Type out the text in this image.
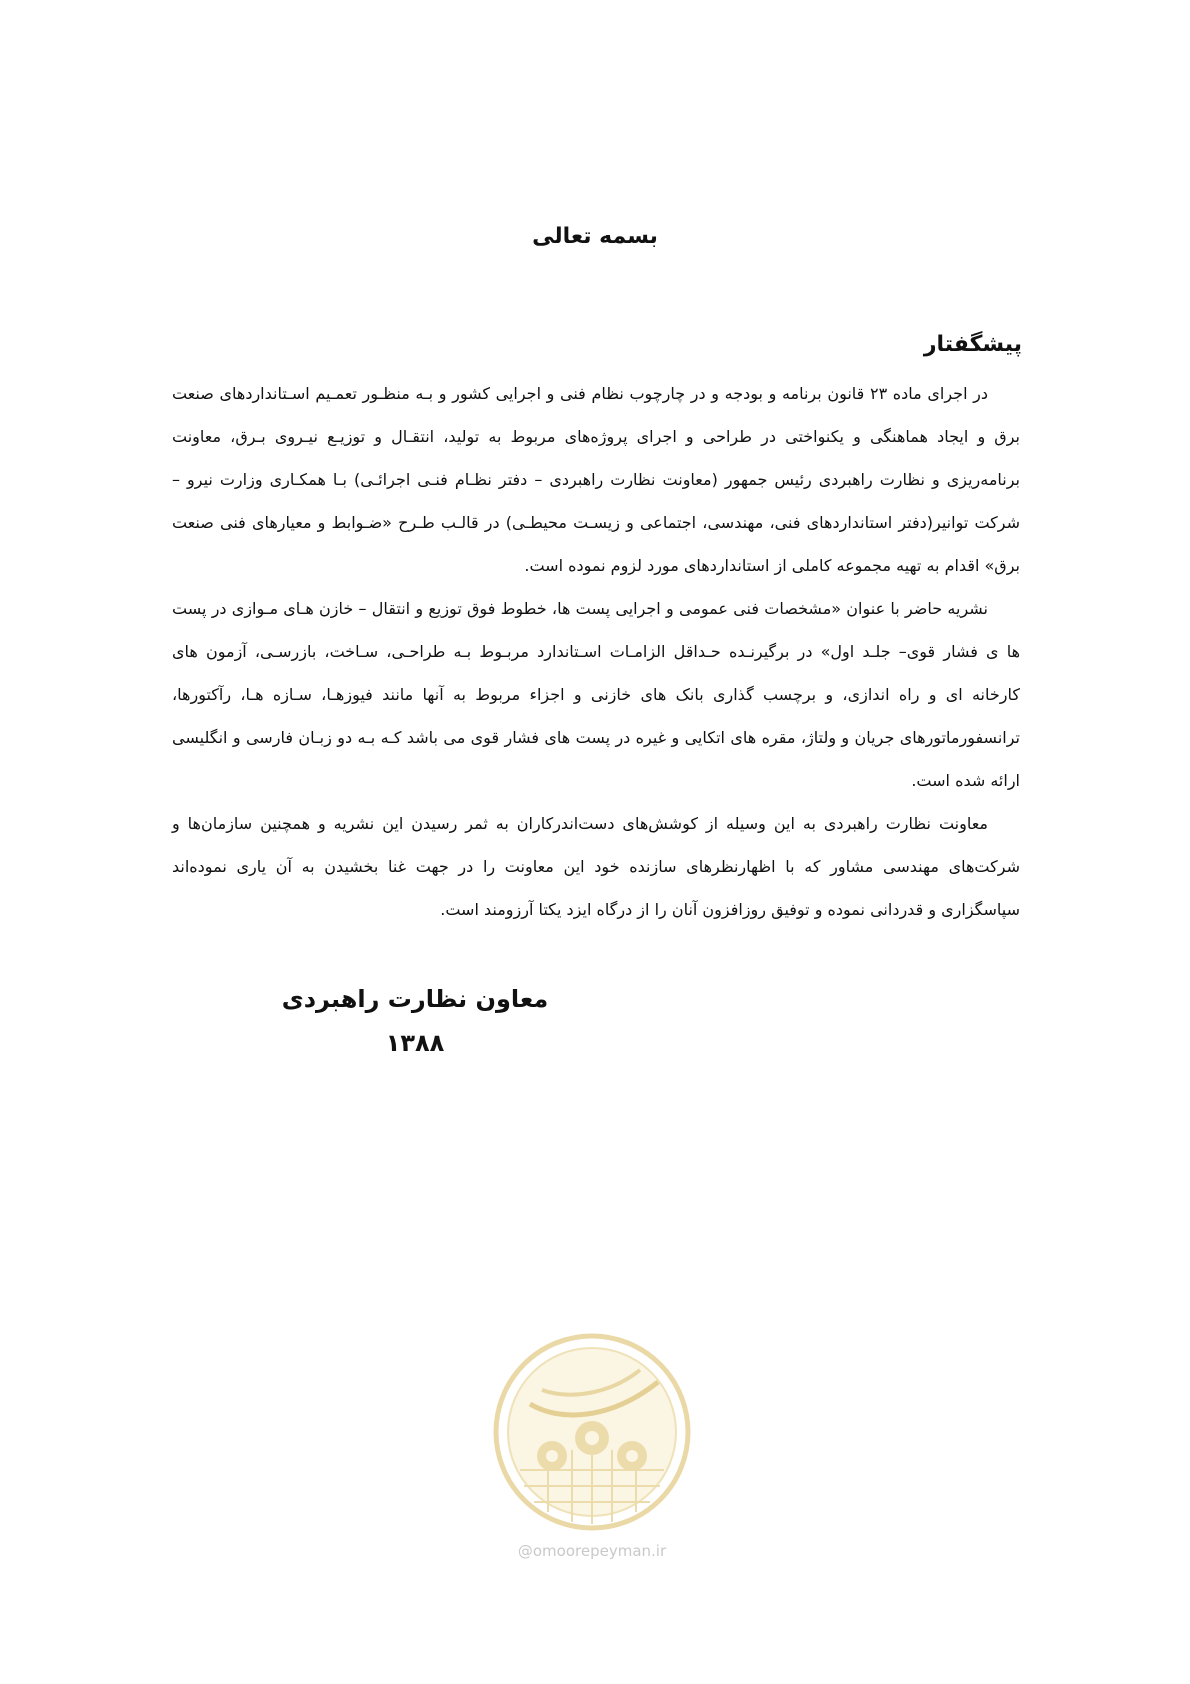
بسمه تعالی
پیشگفتار

در اجرای ماده ۲۳ قانون برنامه و بودجه و در چارچوب نظام فنی و اجرایی کشور و بـه منظـور تعمـیم اسـتانداردهای صنعت برق و ایجاد هماهنگی و یکنواختی در طراحی و اجرای پروژه‌های مربوط به تولید، انتقـال و توزیـع نیـروی بـرق، معاونت برنامه‌ریزی و نظارت راهبردی رئیس جمهور (معاونت نظارت راهبردی – دفتر نظـام فنـی اجرائـی) بـا همکـاری وزارت نیرو – شرکت توانیر(دفتر استانداردهای فنی، مهندسی، اجتماعی و زیسـت محیطـی) در قالـب طـرح «ضـوابط و معیارهای فنی صنعت برق» اقدام به تهیه مجموعه کاملی از استانداردهای مورد لزوم نموده است.

نشریه حاضر با عنوان «مشخصات فنی عمومی و اجرایی پست ها، خطوط فوق توزیع و انتقال – خازن هـای مـوازی در پست ها ی فشار قوی– جلـد اول» در برگیرنـده حـداقل الزامـات اسـتاندارد مربـوط بـه طراحـی، سـاخت، بازرسـی، آزمون های کارخانه ای و راه اندازی، و برچسب گذاری بانک های خازنی و اجزاء مربوط به آنها مانند فیوزهـا، سـازه هـا، رآکتورها، ترانسفورماتورهای جریان و ولتاژ، مقره های اتکایی و غیره در پست های فشار قوی می باشد کـه بـه دو زبـان فارسی و انگلیسی ارائه شده است.

معاونت نظارت راهبردی به این وسیله از کوشش‌های دست‌اندرکاران به ثمر رسیدن این نشریه و همچنین سازمان‌ها و شرکت‌های مهندسی مشاور که با اظهارنظرهای سازنده خود این معاونت را در جهت غنا بخشیدن به آن یاری نموده‌اند سپاسگزاری و قدردانی نموده و توفیق روزافزون آنان را از درگاه ایزد یکتا آرزومند است.

معاون نظارت راهبردی
۱۳۸۸
@omoorepeyman.ir
